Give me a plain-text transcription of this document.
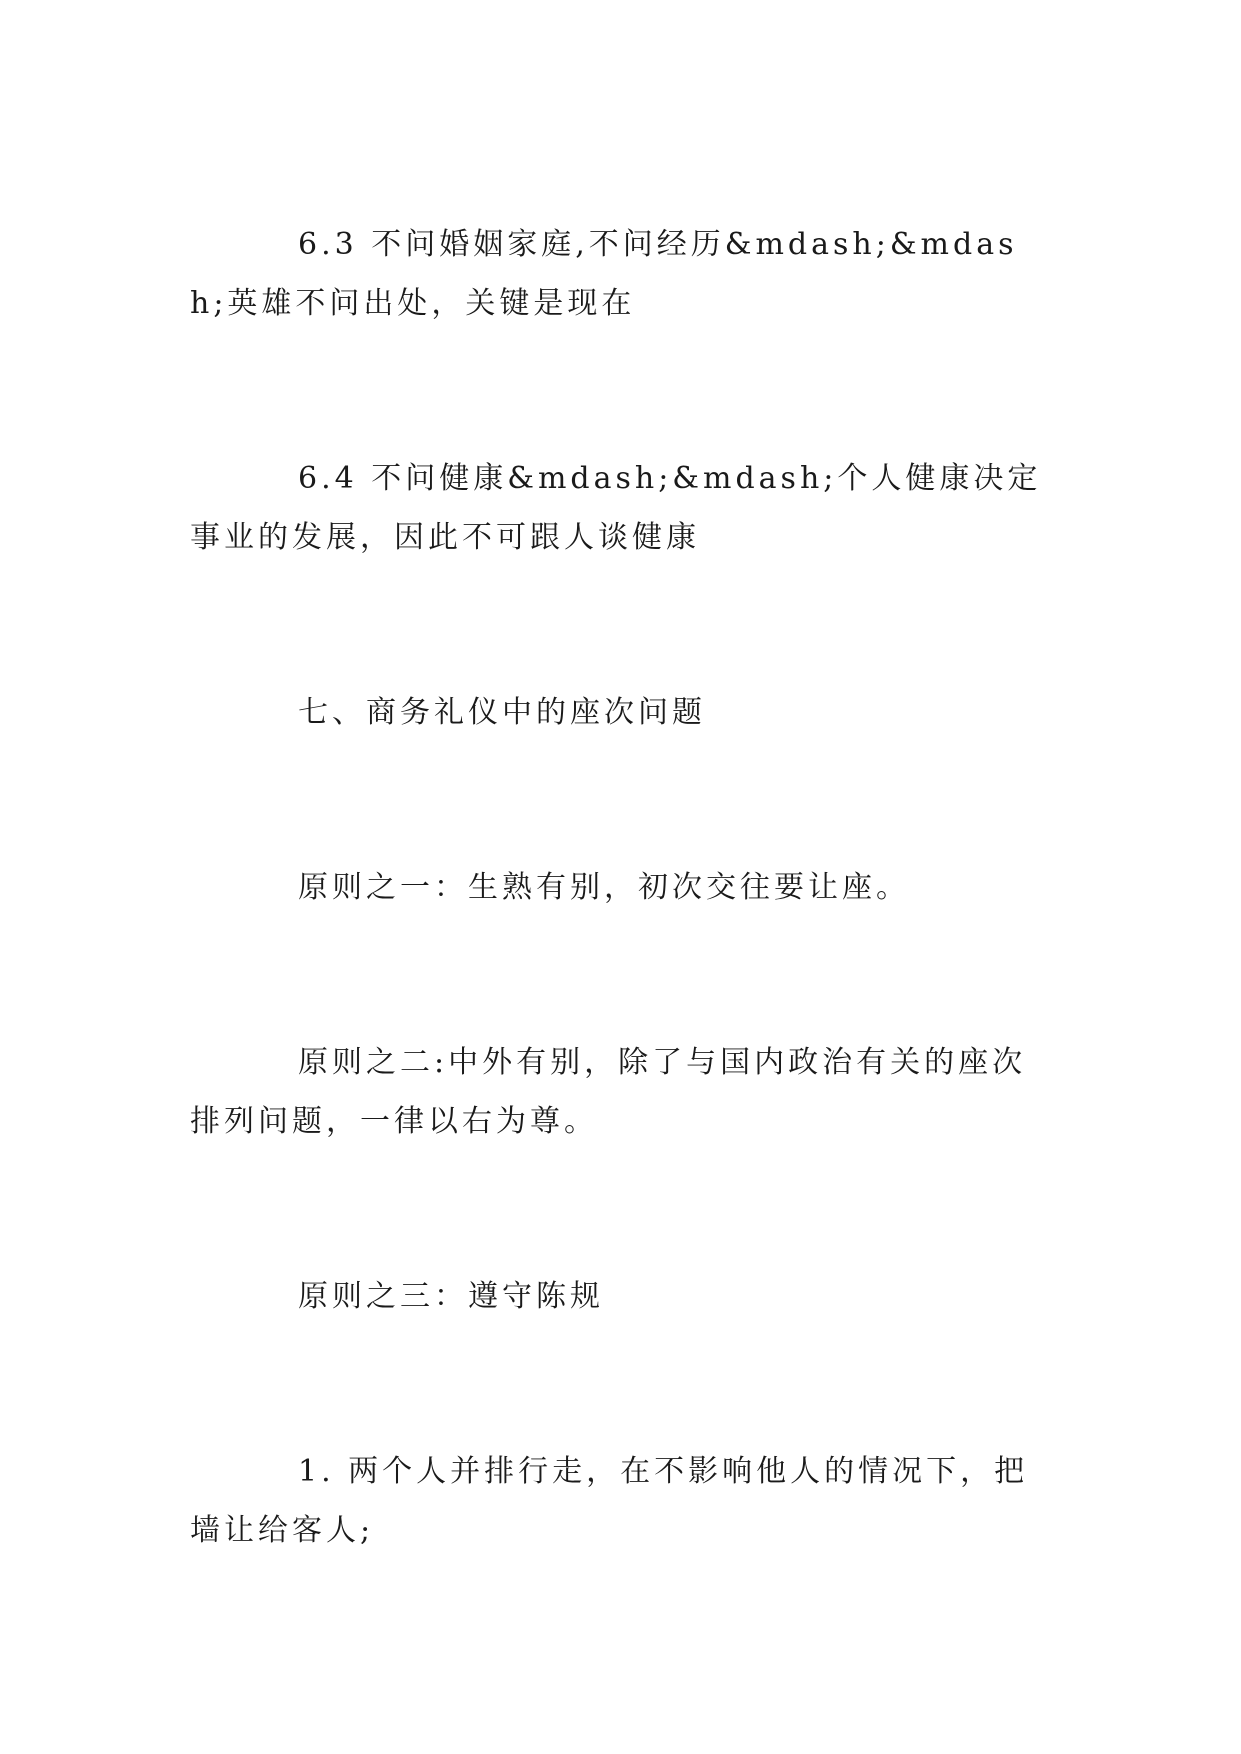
6.3 不问婚姻家庭,不问经历&mdash;&mdash;英雄不问出处，关键是现在

6.4 不问健康&mdash;&mdash;个人健康决定事业的发展，因此不可跟人谈健康

七、商务礼仪中的座次问题

原则之一：生熟有别，初次交往要让座。

原则之二:中外有别，除了与国内政治有关的座次排列问题，一律以右为尊。

原则之三：遵守陈规

1. 两个人并排行走，在不影响他人的情况下，把墙让给客人;
